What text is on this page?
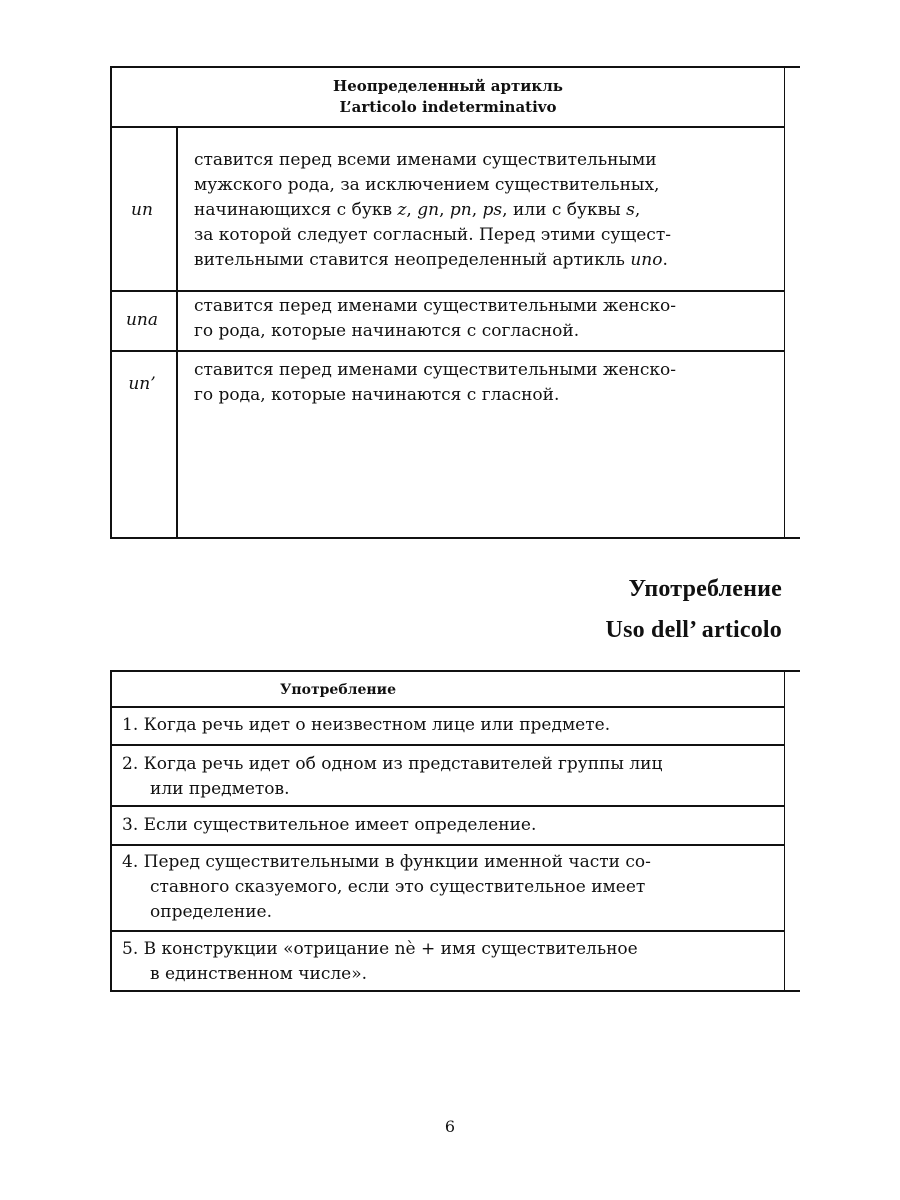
Неопределенный артикль
L’articolo indeterminativo
un
ставится перед всеми именами существительными
мужского рода, за исключением существительных,
начинающихся с букв z, gn, pn, ps, или с буквы s,
за которой следует согласный. Перед этими сущест-
вительными ставится неопределенный артикль uno.
una
ставится перед именами существительными женско-
го рода, которые начинаются с согласной.
un’
ставится перед именами существительными женско-
го рода, которые начинаются с гласной.
Употребление
Uso dell’ articolo
Употребление
1. Когда речь идет о неизвестном лице или предмете.
2. Когда речь идет об одном из представителей группы лиц
или предметов.
3. Если существительное имеет определение.
4. Перед существительными в функции именной части со-
ставного сказуемого, если это существительное имеет
определение.
5. В конструкции «отрицание nè + имя существительное
в единственном числе».
6
